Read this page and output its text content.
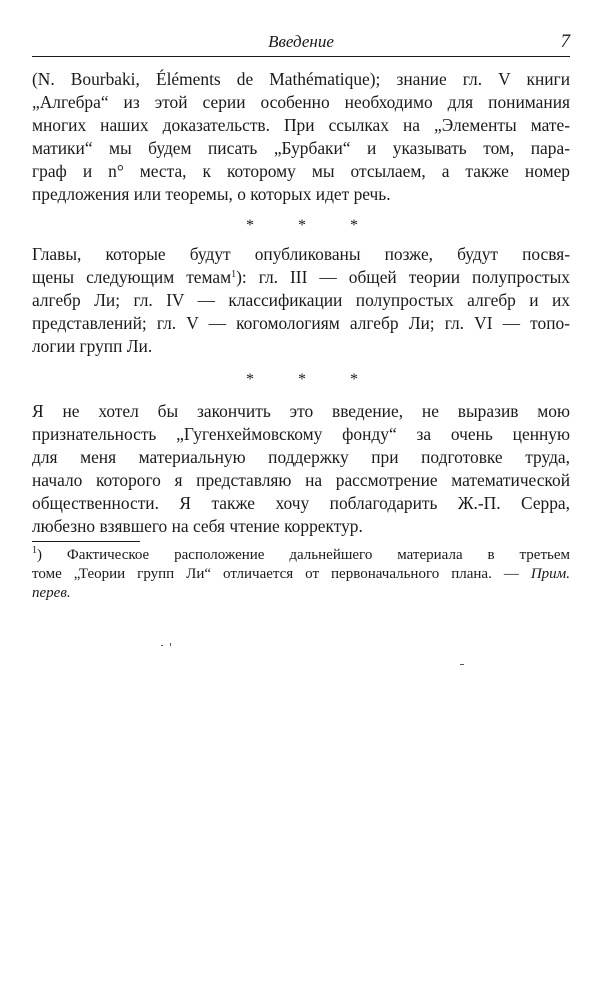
Введение	7
(N. Bourbaki, Éléments de Mathématique); знание гл. V книги
„Алгебра“ из этой серии особенно необходимо для понимания
многих наших доказательств. При ссылках на „Элементы мате-
матики“ мы будем писать „Бурбаки“ и указывать том, пара-
граф и n° места, к которому мы отсылаем, а также номер
предложения или теоремы, о которых идет речь.
* * *
Главы, которые будут опубликованы позже, будут посвя-
щены следующим темам$^1$): гл. III — общей теории полупростых
алгебр Ли; гл. IV — классификации полупростых алгебр и их
представлений; гл. V — когомологиям алгебр Ли; гл. VI — топо-
логии групп Ли.
* * *
Я не хотел бы закончить это введение, не выразив мою
признательность „Гугенхеймовскому фонду“ за очень ценную
для меня материальную поддержку при подготовке труда,
начало которого я представляю на рассмотрение математической
общественности. Я также хочу поблагодарить Ж.-П. Серра,
любезно взявшего на себя чтение корректур.
$^1$) Фактическое расположение дальнейшего материала в третьем
томе „Теории групп Ли“ отличается от первоначального плана. — Прим.
перев.
